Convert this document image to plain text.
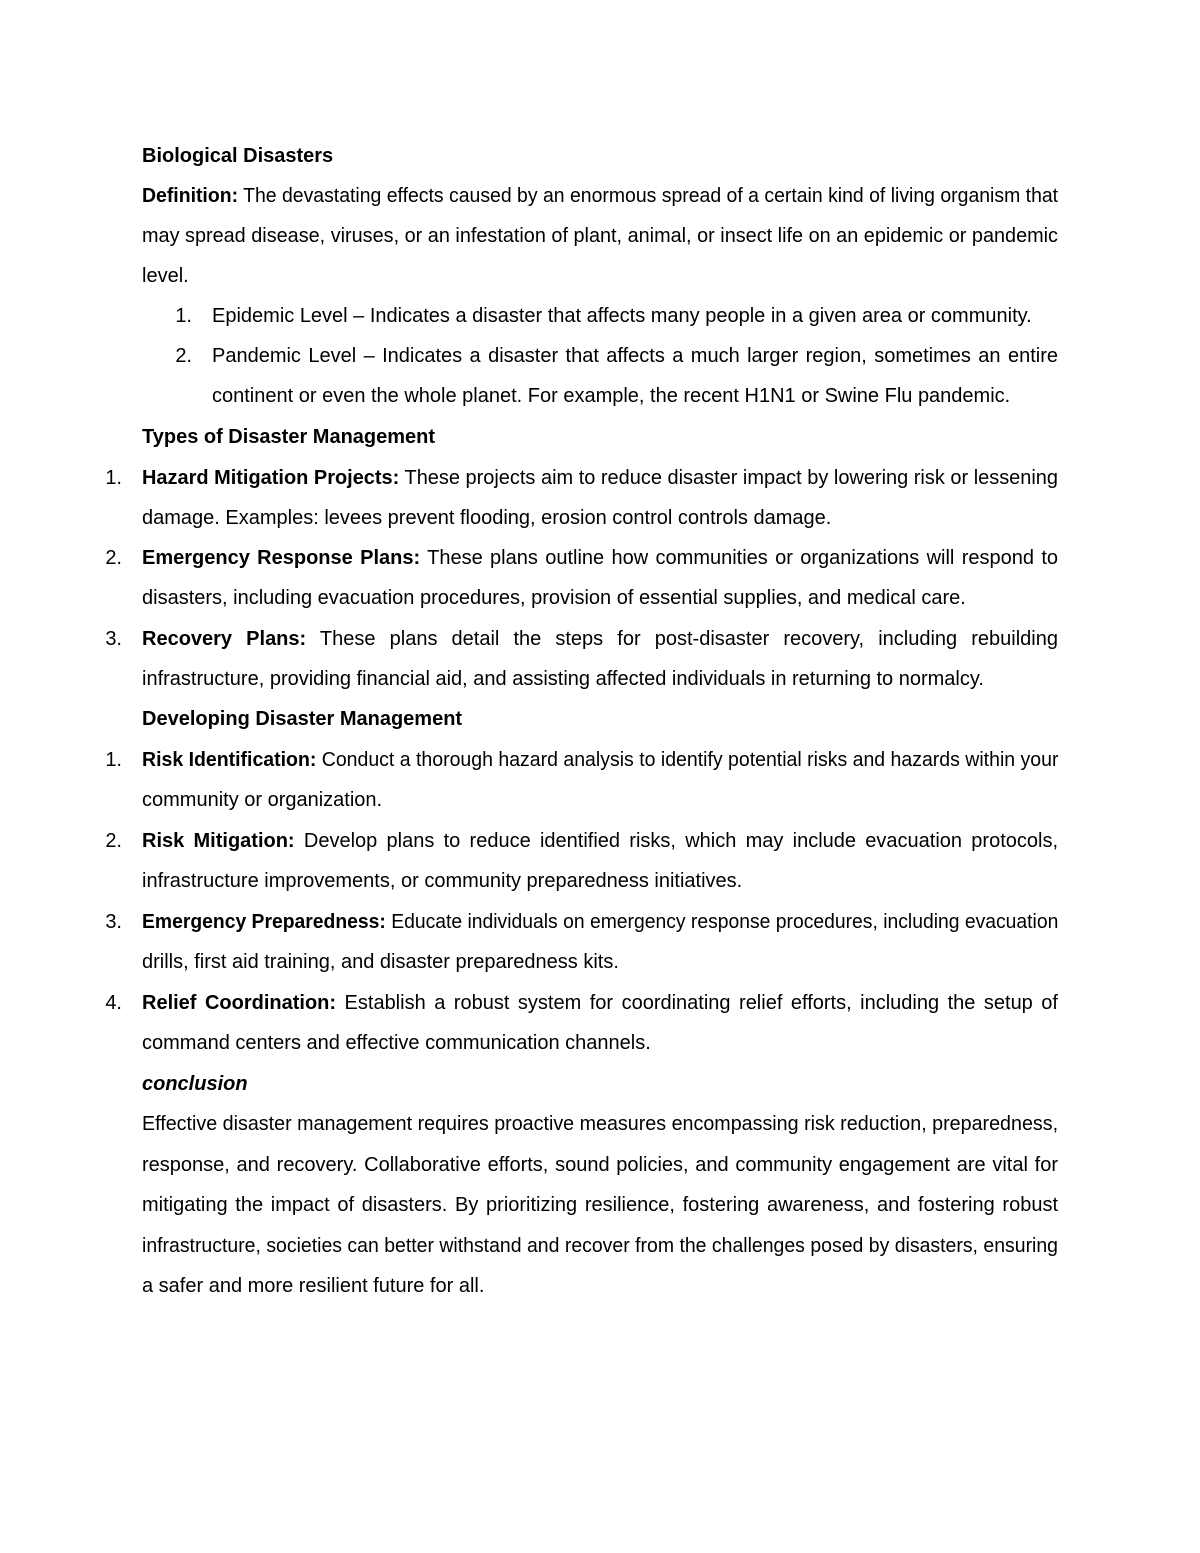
Biological Disasters
Definition: The devastating effects caused by an enormous spread of a certain kind of living organism that
may spread disease, viruses, or an infestation of plant, animal, or insect life on an epidemic or pandemic
level.
1. Epidemic Level – Indicates a disaster that affects many people in a given area or community.
2. Pandemic Level – Indicates a disaster that affects a much larger region, sometimes an entire
continent or even the whole planet. For example, the recent H1N1 or Swine Flu pandemic.
Types of Disaster Management
1. Hazard Mitigation Projects: These projects aim to reduce disaster impact by lowering risk or lessening
damage. Examples: levees prevent flooding, erosion control controls damage.
2. Emergency Response Plans: These plans outline how communities or organizations will respond to
disasters, including evacuation procedures, provision of essential supplies, and medical care.
3. Recovery Plans: These plans detail the steps for post-disaster recovery, including rebuilding
infrastructure, providing financial aid, and assisting affected individuals in returning to normalcy.
Developing Disaster Management
1. Risk Identification: Conduct a thorough hazard analysis to identify potential risks and hazards within your
community or organization.
2. Risk Mitigation: Develop plans to reduce identified risks, which may include evacuation protocols,
infrastructure improvements, or community preparedness initiatives.
3. Emergency Preparedness: Educate individuals on emergency response procedures, including evacuation
drills, first aid training, and disaster preparedness kits.
4. Relief Coordination: Establish a robust system for coordinating relief efforts, including the setup of
command centers and effective communication channels.
conclusion
Effective disaster management requires proactive measures encompassing risk reduction, preparedness,
response, and recovery. Collaborative efforts, sound policies, and community engagement are vital for
mitigating the impact of disasters. By prioritizing resilience, fostering awareness, and fostering robust
infrastructure, societies can better withstand and recover from the challenges posed by disasters, ensuring
a safer and more resilient future for all.
